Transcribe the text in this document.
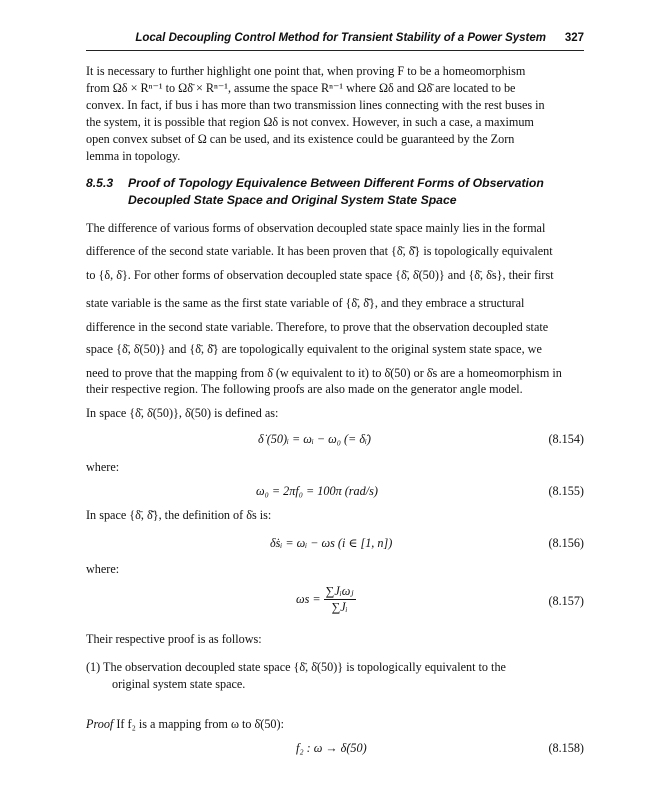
Local Decoupling Control Method for Transient Stability of a Power System 327
It is necessary to further highlight one point that, when proving F to be a homeomorphism
from Ωδ × Rⁿ⁻¹ to Ωδ̄ × Rⁿ⁻¹, assume the space Rⁿ⁻¹ where Ωδ and Ωδ̄ are located to be
convex. In fact, if bus i has more than two transmission lines connecting with the rest buses in
the system, it is possible that region Ωδ is not convex. However, in such a case, a maximum
open convex subset of Ω can be used, and its existence could be guaranteed by the Zorn
lemma in topology.
8.5.3 Proof of Topology Equivalence Between Different Forms of Observation
Decoupled State Space and Original System State Space
The difference of various forms of observation decoupled state space mainly lies in the formal
difference of the second state variable. It has been proven that {δ̄, δ̄̇} is topologically equivalent
to {δ, δ̇}. For other forms of observation decoupled state space {δ̄, δ̇(50)} and {δ̄, δ̇s}, their first
state variable is the same as the first state variable of {δ̄, δ̄̇}, and they embrace a structural
difference in the second state variable. Therefore, to prove that the observation decoupled state
space {δ̄, δ̇(50)} and {δ̄, δ̄̇} are topologically equivalent to the original system state space, we
need to prove that the mapping from δ̇ (w equivalent to it) to δ̇(50) or δ̇s are a homeomorphism in
their respective region. The following proofs are also made on the generator angle model.
In space {δ̄, δ̇(50)}, δ̇(50) is defined as:
δ̇ (50)ᵢ = ωᵢ − ω₀ (= δ̇ᵢ)	(8.154)
where:
ω₀ = 2πf₀ = 100π (rad/s)	(8.155)
In space {δ̄, δ̄̇}, the definition of δ̇s is:
δ̇sᵢ = ωᵢ − ωs (i ∈ [1, n])	(8.156)
where:
$\omega s = \frac{\text{∑Jᵢωⱼ}}{\text{∑Jᵢ}}$	(8.157)
Their respective proof is as follows:
(1) The observation decoupled state space {δ̄, δ̇(50)} is topologically equivalent to the
original system state space.
Proof If f₂ is a mapping from ω to δ̇(50):
f₂ : ω → δ̇(50)	(8.158)
